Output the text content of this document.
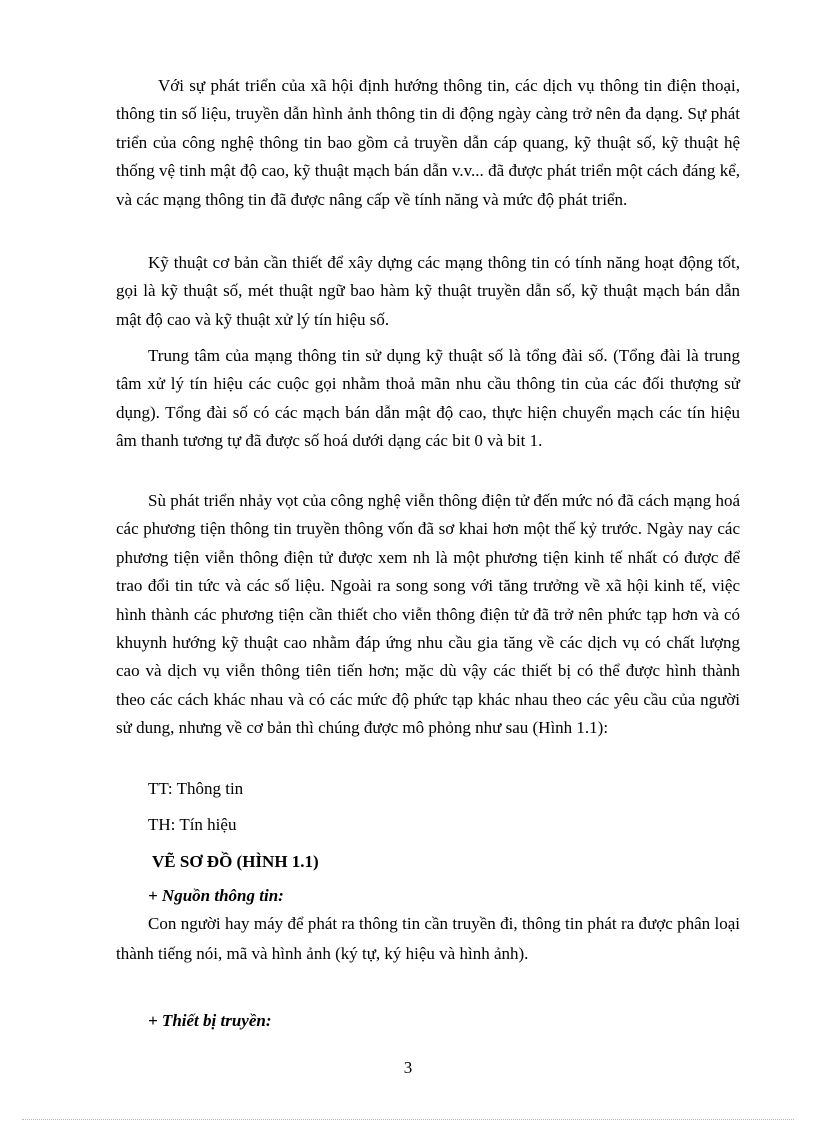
Với sự phát triển của xã hội định hướng thông tin, các dịch vụ thông tin điện thoại, thông tin số liệu, truyền dẫn hình ảnh thông tin di động ngày càng trở nên đa dạng. Sự phát triển của công nghệ thông tin bao gồm cả truyền dẫn cáp quang, kỹ thuật số, kỹ thuật hệ thống vệ tinh mật độ cao, kỹ thuật mạch bán dẫn v.v... đã được phát triển một cách đáng kể, và các mạng thông tin đã được nâng cấp về tính năng và mức độ phát triển.

Kỹ thuật cơ bản cần thiết để xây dựng các mạng thông tin có tính năng hoạt động tốt, gọi là kỹ thuật số, mét thuật ngữ bao hàm kỹ thuật truyền dẫn số, kỹ thuật mạch bán dẫn mật độ cao và kỹ thuật xử lý tín hiệu số.

Trung tâm của mạng thông tin sử dụng kỹ thuật số là tổng đài số. (Tổng đài là trung tâm xử lý tín hiệu các cuộc gọi nhằm thoả mãn nhu cầu thông tin của các đối thượng sử dụng). Tổng đài số có các mạch bán dẫn mật độ cao, thực hiện chuyển mạch các tín hiệu âm thanh tương tự đã được số hoá dưới dạng các bit 0 và bit 1.

Sù phát triển nhảy vọt của công nghệ viễn thông điện tử đến mức nó đã cách mạng hoá các phương tiện thông tin truyền thông vốn đã sơ khai hơn một thế kỷ trước. Ngày nay các phương tiện viễn thông điện tử được xem nh là một phương tiện kinh tế nhất có được để trao đổi tin tức và các số liệu. Ngoài ra song song với tăng trưởng về xã hội kinh tế, việc hình thành các phương tiện cần thiết cho viễn thông điện tử đã trở nên phức tạp hơn và có khuynh hướng kỹ thuật cao nhằm đáp ứng nhu cầu gia tăng về các dịch vụ có chất lượng cao và dịch vụ viễn thông tiên tiến hơn; mặc dù vậy các thiết bị có thể được hình thành theo các cách khác nhau và có các mức độ phức tạp khác nhau theo các yêu cầu của người sử dung, nhưng về cơ bản thì chúng được mô phỏng như sau (Hình 1.1):

TT: Thông tin
TH: Tín hiệu
VẼ SƠ ĐỒ (HÌNH 1.1)
+ Nguồn thông tin:

Con người hay máy để phát ra thông tin cần truyền đi, thông tin phát ra được phân loại thành tiếng nói, mã và hình ảnh (ký tự, ký hiệu và hình ảnh).

+ Thiết bị truyền:
3
